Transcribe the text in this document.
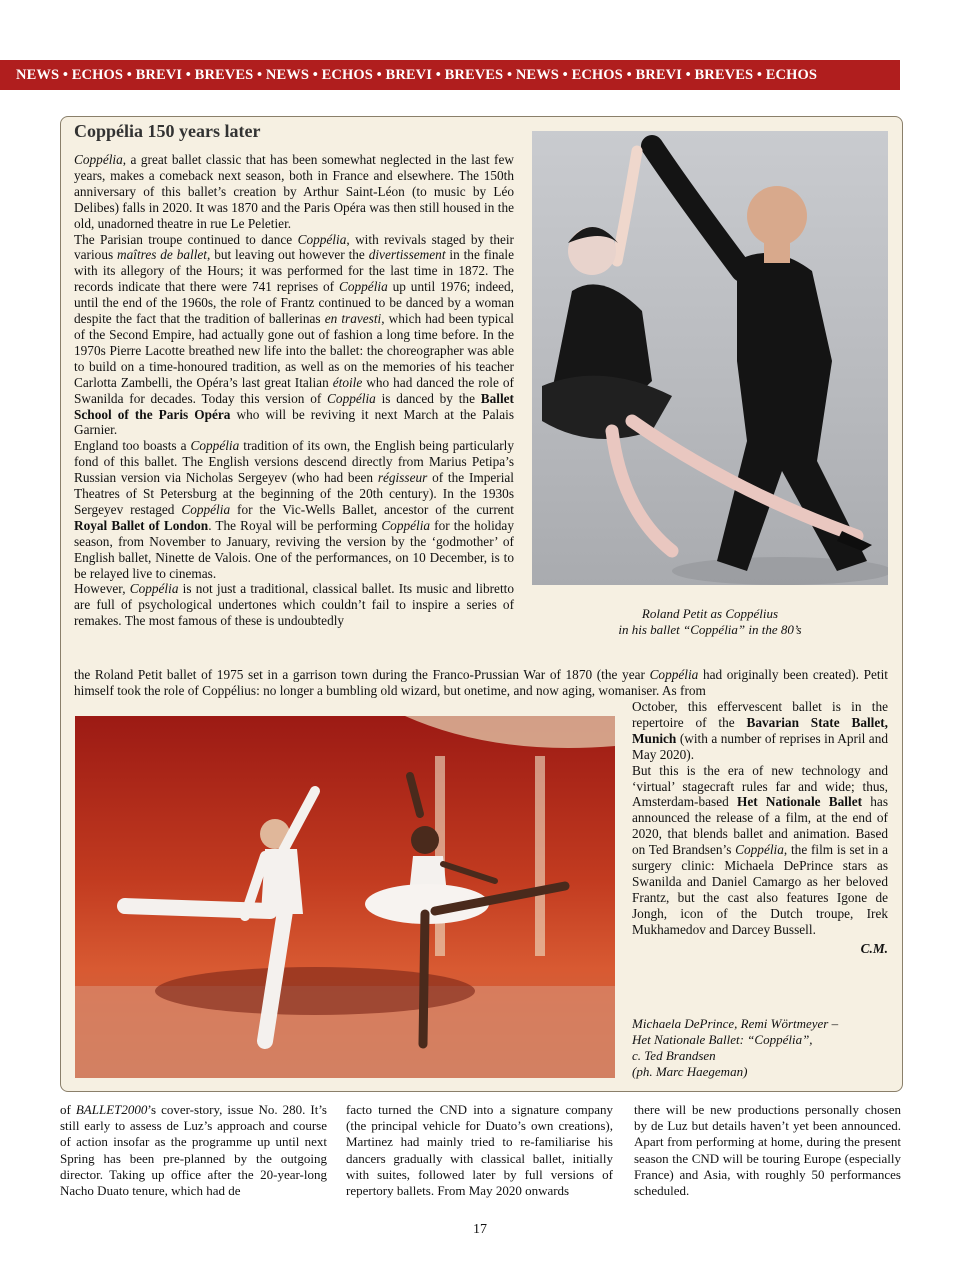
NEWS • ECHOS • BREVI • BREVES • NEWS • ECHOS • BREVI • BREVES • NEWS • ECHOS • BREVI • BREVES • ECHOS
Coppélia 150 years later

Coppélia, a great ballet classic that has been somewhat neglected in the last few years, makes a comeback next season, both in France and elsewhere. The 150th anniversary of this ballet’s creation by Arthur Saint-Léon (to music by Léo Delibes) falls in 2020. It was 1870 and the Paris Opéra was then still housed in the old, unadorned theatre in rue Le Peletier.

The Parisian troupe continued to dance Coppélia, with revivals staged by their various maîtres de ballet, but leaving out however the divertissement in the finale with its allegory of the Hours; it was performed for the last time in 1872. The records indicate that there were 741 reprises of Coppélia up until 1976; indeed, until the end of the 1960s, the role of Frantz continued to be danced by a woman despite the fact that the tradition of ballerinas en travesti, which had been typical of the Second Empire, had actually gone out of fashion a long time before. In the 1970s Pierre Lacotte breathed new life into the ballet: the choreographer was able to build on a time-honoured tradition, as well as on the memories of his teacher Carlotta Zambelli, the Opéra’s last great Italian étoile who had danced the role of Swanilda for decades. Today this version of Coppélia is danced by the Ballet School of the Paris Opéra who will be reviving it next March at the Palais Garnier.

England too boasts a Coppélia tradition of its own, the English being particularly fond of this ballet. The English versions descend directly from Marius Petipa’s Russian version via Nicholas Sergeyev (who had been régisseur of the Imperial Theatres of St Petersburg at the beginning of the 20th century). In the 1930s Sergeyev restaged Coppélia for the Vic-Wells Ballet, ancestor of the current Royal Ballet of London. The Royal will be performing Coppélia for the holiday season, from November to January, reviving the version by the ‘godmother’ of English ballet, Ninette de Valois. One of the performances, on 10 December, is to be relayed live to cinemas.

However, Coppélia is not just a traditional, classical ballet. Its music and libretto are full of psychological undertones which couldn’t fail to inspire a series of remakes. The most famous of these is undoubtedly

the Roland Petit ballet of 1975 set in a garrison town during the Franco-Prussian War of 1870 (the year Coppélia had originally been created). Petit himself took the role of Coppélius: no longer a bumbling old wizard, but onetime, and now aging, womaniser. As from

October, this effervescent ballet is in the repertoire of the Bavarian State Ballet, Munich (with a number of reprises in April and May 2020).

But this is the era of new technology and ‘virtual’ stagecraft rules far and wide; thus, Amsterdam-based Het Nationale Ballet has announced the release of a film, at the end of 2020, that blends ballet and animation. Based on Ted Brandsen’s Coppélia, the film is set in a surgery clinic: Michaela DePrince stars as Swanilda and Daniel Camargo as her beloved Frantz, but the cast also features Igone de Jongh, icon of the Dutch troupe, Irek Mukhamedov and Darcey Bussell.

C.M.
Roland Petit as Coppélius
in his ballet “Coppélia” in the 80’s
Michaela DePrince, Remi Wörtmeyer –
Het Nationale Ballet: “Coppélia”,
c. Ted Brandsen
(ph. Marc Haegeman)
of BALLET2000’s cover-story, issue No. 280. It’s still early to assess de Luz’s approach and course of action insofar as the programme up until next Spring has been pre-planned by the outgoing director. Taking up office after the 20-year-long Nacho Duato tenure, which had de
facto turned the CND into a signature company (the principal vehicle for Duato’s own creations), Martinez had mainly tried to re-familiarise his dancers gradually with classical ballet, initially with suites, followed later by full versions of repertory ballets. From May 2020 onwards
there will be new productions personally chosen by de Luz but details haven’t yet been announced. Apart from performing at home, during the present season the CND will be touring Europe (especially France) and Asia, with roughly 50 performances scheduled.
17
